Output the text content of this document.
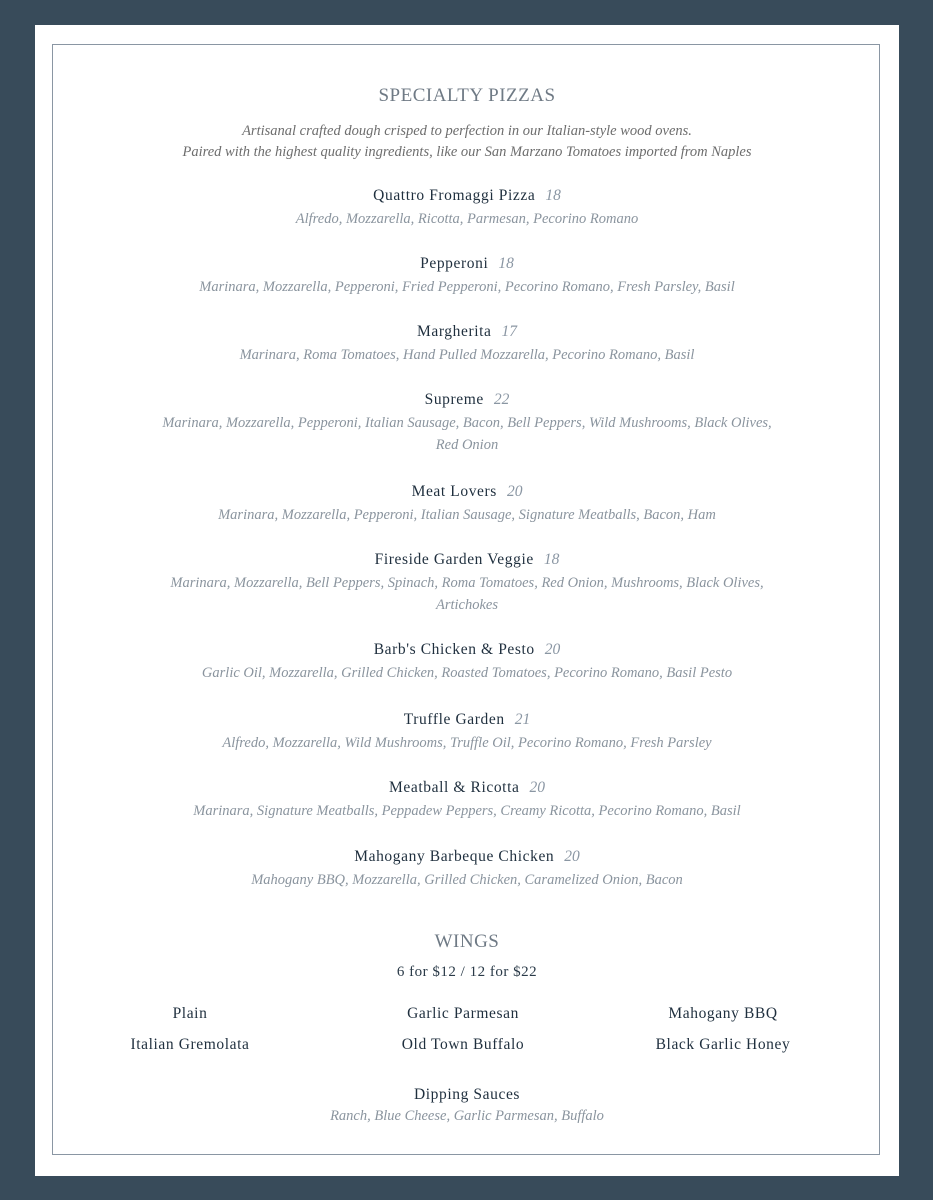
SPECIALTY PIZZAS
Artisanal crafted dough crisped to perfection in our Italian-style wood ovens.
Paired with the highest quality ingredients, like our San Marzano Tomatoes imported from Naples
Quattro Fromaggi Pizza 18
Alfredo, Mozzarella, Ricotta, Parmesan, Pecorino Romano
Pepperoni 18
Marinara, Mozzarella, Pepperoni, Fried Pepperoni, Pecorino Romano, Fresh Parsley, Basil
Margherita 17
Marinara, Roma Tomatoes, Hand Pulled Mozzarella, Pecorino Romano, Basil
Supreme 22
Marinara, Mozzarella, Pepperoni, Italian Sausage, Bacon, Bell Peppers, Wild Mushrooms, Black Olives, Red Onion
Meat Lovers 20
Marinara, Mozzarella, Pepperoni, Italian Sausage, Signature Meatballs, Bacon, Ham
Fireside Garden Veggie 18
Marinara, Mozzarella, Bell Peppers, Spinach, Roma Tomatoes, Red Onion, Mushrooms, Black Olives, Artichokes
Barb's Chicken & Pesto 20
Garlic Oil, Mozzarella, Grilled Chicken, Roasted Tomatoes, Pecorino Romano, Basil Pesto
Truffle Garden 21
Alfredo, Mozzarella, Wild Mushrooms, Truffle Oil, Pecorino Romano, Fresh Parsley
Meatball & Ricotta 20
Marinara, Signature Meatballs, Peppadew Peppers, Creamy Ricotta, Pecorino Romano, Basil
Mahogany Barbeque Chicken 20
Mahogany BBQ, Mozzarella, Grilled Chicken, Caramelized Onion, Bacon
WINGS
6 for $12 / 12 for $22
Plain	Garlic Parmesan	Mahogany BBQ
Italian Gremolata	Old Town Buffalo	Black Garlic Honey
Dipping Sauces
Ranch, Blue Cheese, Garlic Parmesan, Buffalo
